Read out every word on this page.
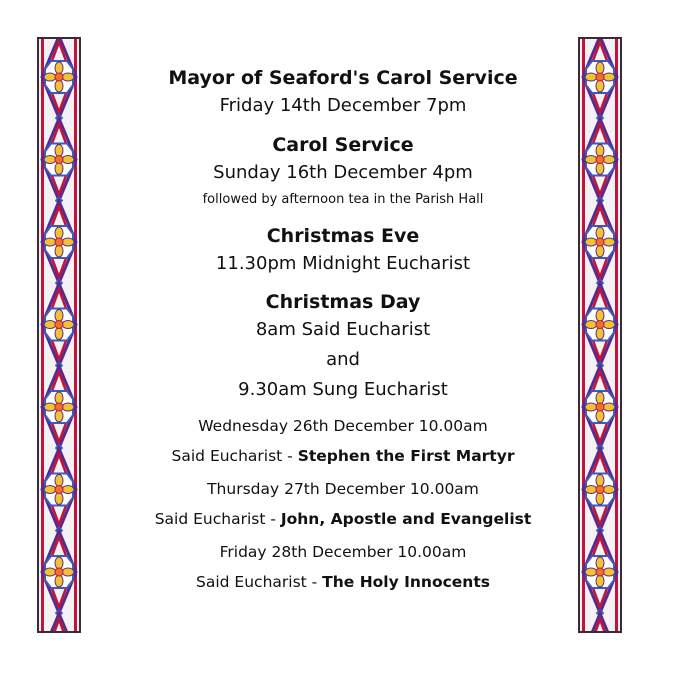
Mayor of Seaford's Carol Service

Friday 14th December 7pm

Carol Service

Sunday 16th December 4pm

followed by afternoon tea in the Parish Hall

Christmas Eve

11.30pm Midnight Eucharist

Christmas Day

8am Said Eucharist

and

9.30am Sung Eucharist

Wednesday 26th December 10.00am

Said Eucharist - Stephen the First Martyr

Thursday 27th December 10.00am

Said Eucharist - John, Apostle and Evangelist

Friday 28th December 10.00am

Said Eucharist - The Holy Innocents
